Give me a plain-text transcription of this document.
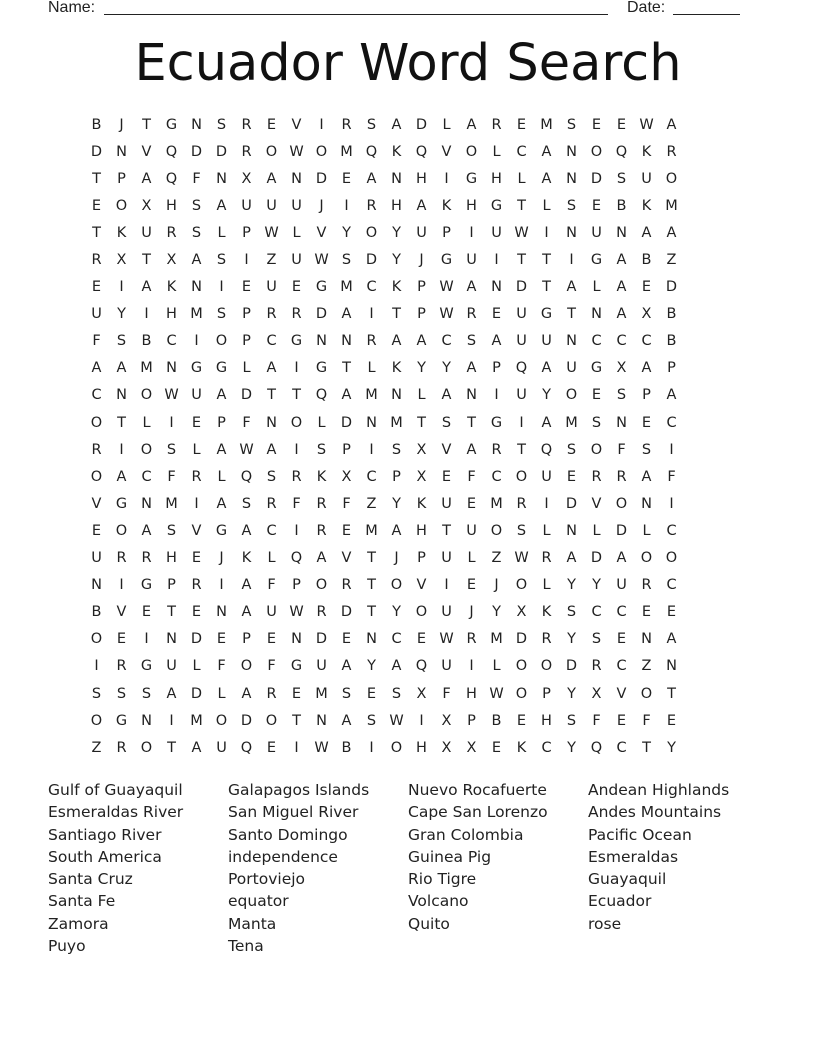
Name:	Date:
Ecuador Word Search
B	J	T	G N	S	R	E	V	I	R	S	A D	L	A	R	E M S	E	E W A
D N	V Q D D R O W O M Q	K	Q V O	L	C	A	N O Q	K	R
T	P	A Q	F	N	X	A	N D	E	A	N H	I	G H	L	A	N D	S	U O
E	O X	H	S	A	U U U	J	I	R	H	A	K	H G	T	L	S	E	B	K M
T	K	U	R	S	L	P W L	V	Y	O	Y	U	P	I	U W	I	N U N	A	A
R	X	T	X	A	S	I	Z	U W S	D	Y	J	G U	I	T	T	I	G A	B	Z
E	I	A	K	N	I	E	U	E	G M C	K	P W A	N D	T	A	L	A	E	D
U	Y	I	H M S	P	R	R D A	I	T	P W R	E	U G	T	N	A	X	B
F	S	B	C	I	O	P	C G N N	R	A	A	C	S	A	U U N	C	C	C	B
A	A M N G G	L	A	I	G	T	L	K	Y	Y	A	P	Q A	U G X	A	P
C	N O W U	A D	T	T	Q A M N	L	A	N	I	U	Y	O	E	S	P	A
O	T	L	I	E	P	F	N O	L	D N M T	S	T	G	I	A M S	N	E	C
R	I	O	S	L	A W A	I	S	P	I	S	X	V	A	R	T	Q	S	O	F	S	I
O A	C	F	R	L	Q	S	R	K	X	C	P	X	E	F	C O U	E	R	R	A	F
V G N M	I	A	S	R	F	R	F	Z	Y	K	U	E M R	I	D V O N	I
E	O A	S	V G A	C	I	R	E M A	H	T	U O	S	L	N	L	D	L	C
U	R	R	H	E	J	K	L	Q A	V	T	J	P	U	L	Z W R	A D A O O
N	I	G	P	R	I	A	F	P	O R	T	O V	I	E	J	O	L	Y	Y	U	R	C
B	V	E	T	E	N	A	U W R D	T	Y	O U	J	Y	X	K	S	C	C	E	E
O	E	I	N D	E	P	E	N D	E	N	C	E W R M D R	Y	S	E	N	A
I	R G U	L	F	O	F	G U	A	Y	A Q U	I	L	O O D R	C	Z	N
S	S	S	A D	L	A	R	E M S	E	S	X	F	H W O	P	Y	X	V O	T
O G N	I	M O D O	T	N	A	S W	I	X	P	B	E	H	S	F	E	F	E
Z	R O	T	A	U Q	E	I	W B	I	O H	X	X	E	K	C	Y	Q C	T	Y
Gulf of Guayaquil
Esmeraldas River
Santiago River
South America
Santa Cruz
Santa Fe
Zamora
Puyo
Galapagos Islands
San Miguel River
Santo Domingo
independence
Portoviejo
equator
Manta
Tena
Nuevo Rocafuerte
Cape San Lorenzo
Gran Colombia
Guinea Pig
Rio Tigre
Volcano
Quito
Andean Highlands
Andes Mountains
Pacific Ocean
Esmeraldas
Guayaquil
Ecuador
rose
